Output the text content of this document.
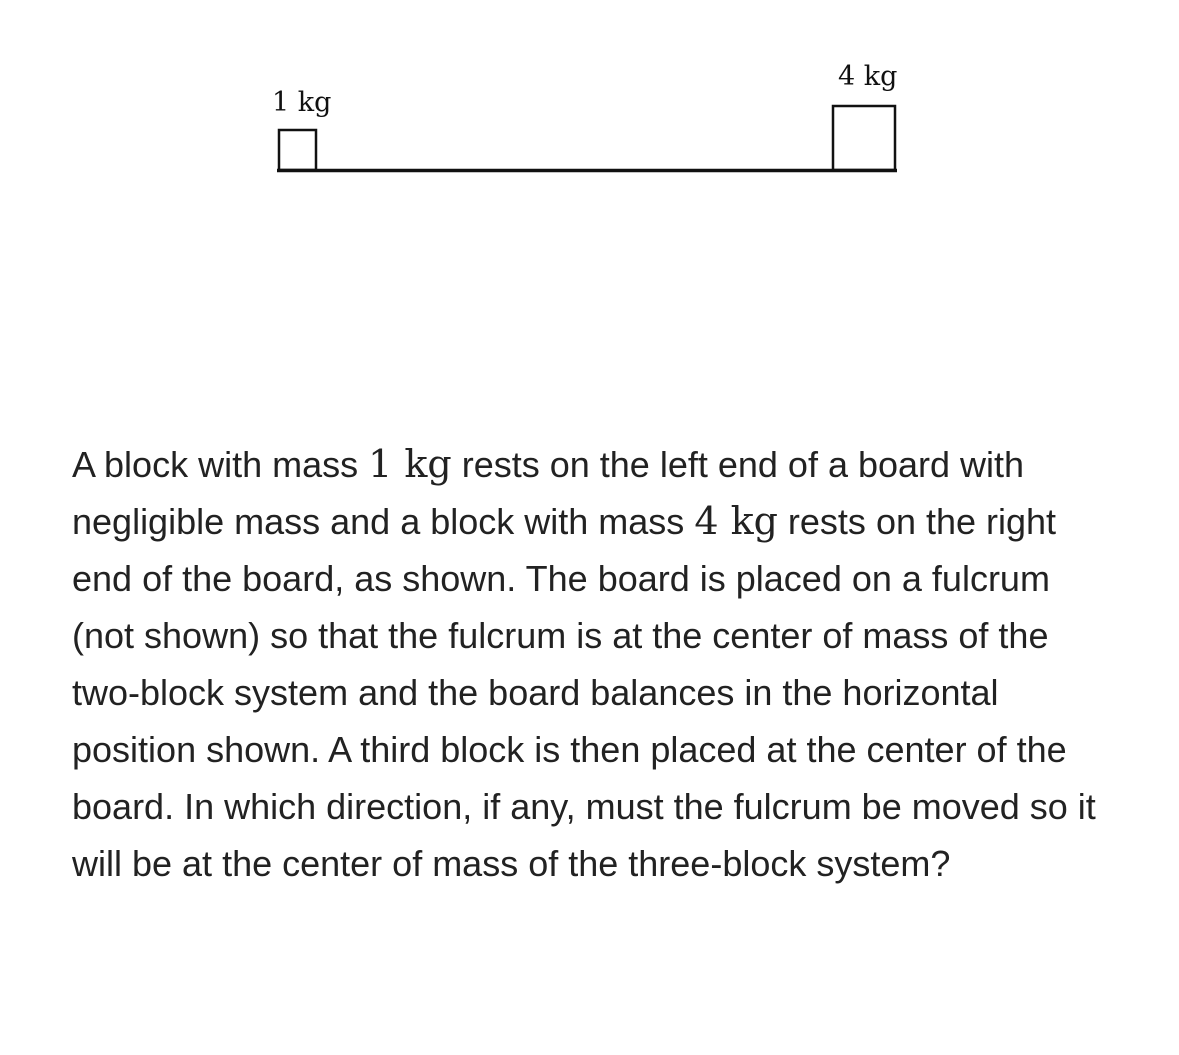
1 kg
4 kg

A block with mass 1 kg rests on the left end of a board with negligible mass and a block with mass 4 kg rests on the right end of the board, as shown. The board is placed on a fulcrum (not shown) so that the fulcrum is at the center of mass of the two-block system and the board balances in the horizontal position shown. A third block is then placed at the center of the board. In which direction, if any, must the fulcrum be moved so it will be at the center of mass of the three-block system?
